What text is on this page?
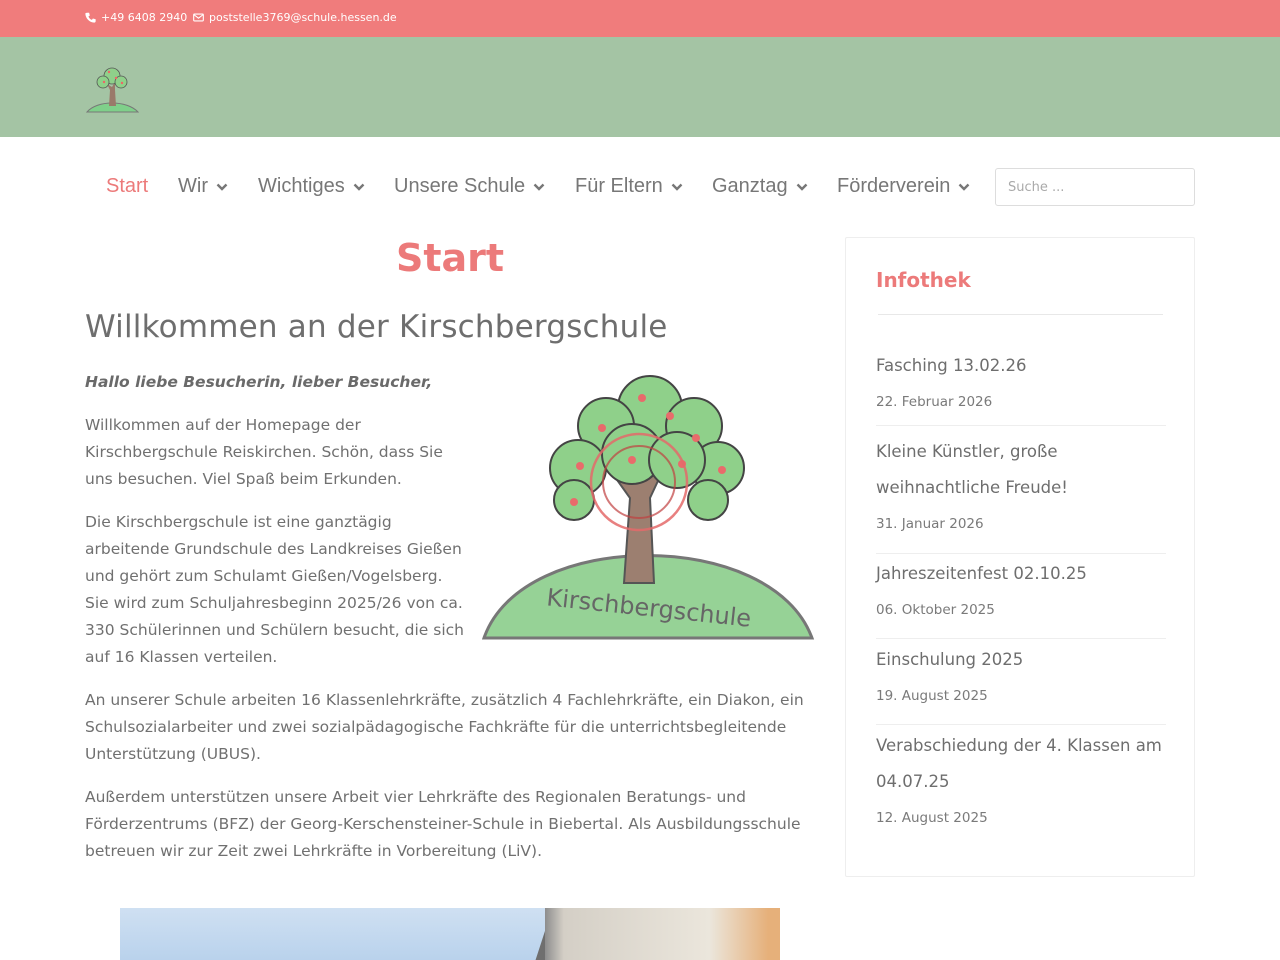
+49 6408 2940 poststelle3769@schule.hessen.de
Start Wir	Wichtiges Unsere Schule Für Eltern Ganztag Förderverein
Suche ...
Start
Willkommen an der Kirschbergschule

Hallo liebe Besucherin, lieber Besucher,

Willkommen auf der Homepage der Kirschbergschule Reiskirchen. Schön, dass Sie uns besuchen. Viel Spaß beim Erkunden.

Die Kirschbergschule ist eine ganztägig arbeitende Grundschule des Landkreises Gießen und gehört zum Schulamt Gießen/Vogelsberg.
Sie wird zum Schuljahresbeginn 2025/26 von ca. 330 Schülerinnen und Schülern besucht, die sich auf 16 Klassen verteilen.

An unserer Schule arbeiten 16 Klassenlehrkräfte, zusätzlich 4 Fachlehrkräfte, ein Diakon, ein Schulsozialarbeiter und zwei sozialpädagogische Fachkräfte für die unterrichtsbegleitende Unterstützung (UBUS).

Außerdem unterstützen unsere Arbeit vier Lehrkräfte des Regionalen Beratungs- und Förderzentrums (BFZ) der Georg-Kerschensteiner-Schule in Biebertal. Als Ausbildungsschule betreuen wir zur Zeit zwei Lehrkräfte in Vorbereitung (LiV).

Kirschbergschule
Infothek
Fasching 13.02.26
22. Februar 2026
Kleine Künstler, große weihnachtliche Freude!
31. Januar 2026
Jahreszeitenfest 02.10.25
06. Oktober 2025
Einschulung 2025
19. August 2025
Verabschiedung der 4. Klassen am 04.07.25
12. August 2025
